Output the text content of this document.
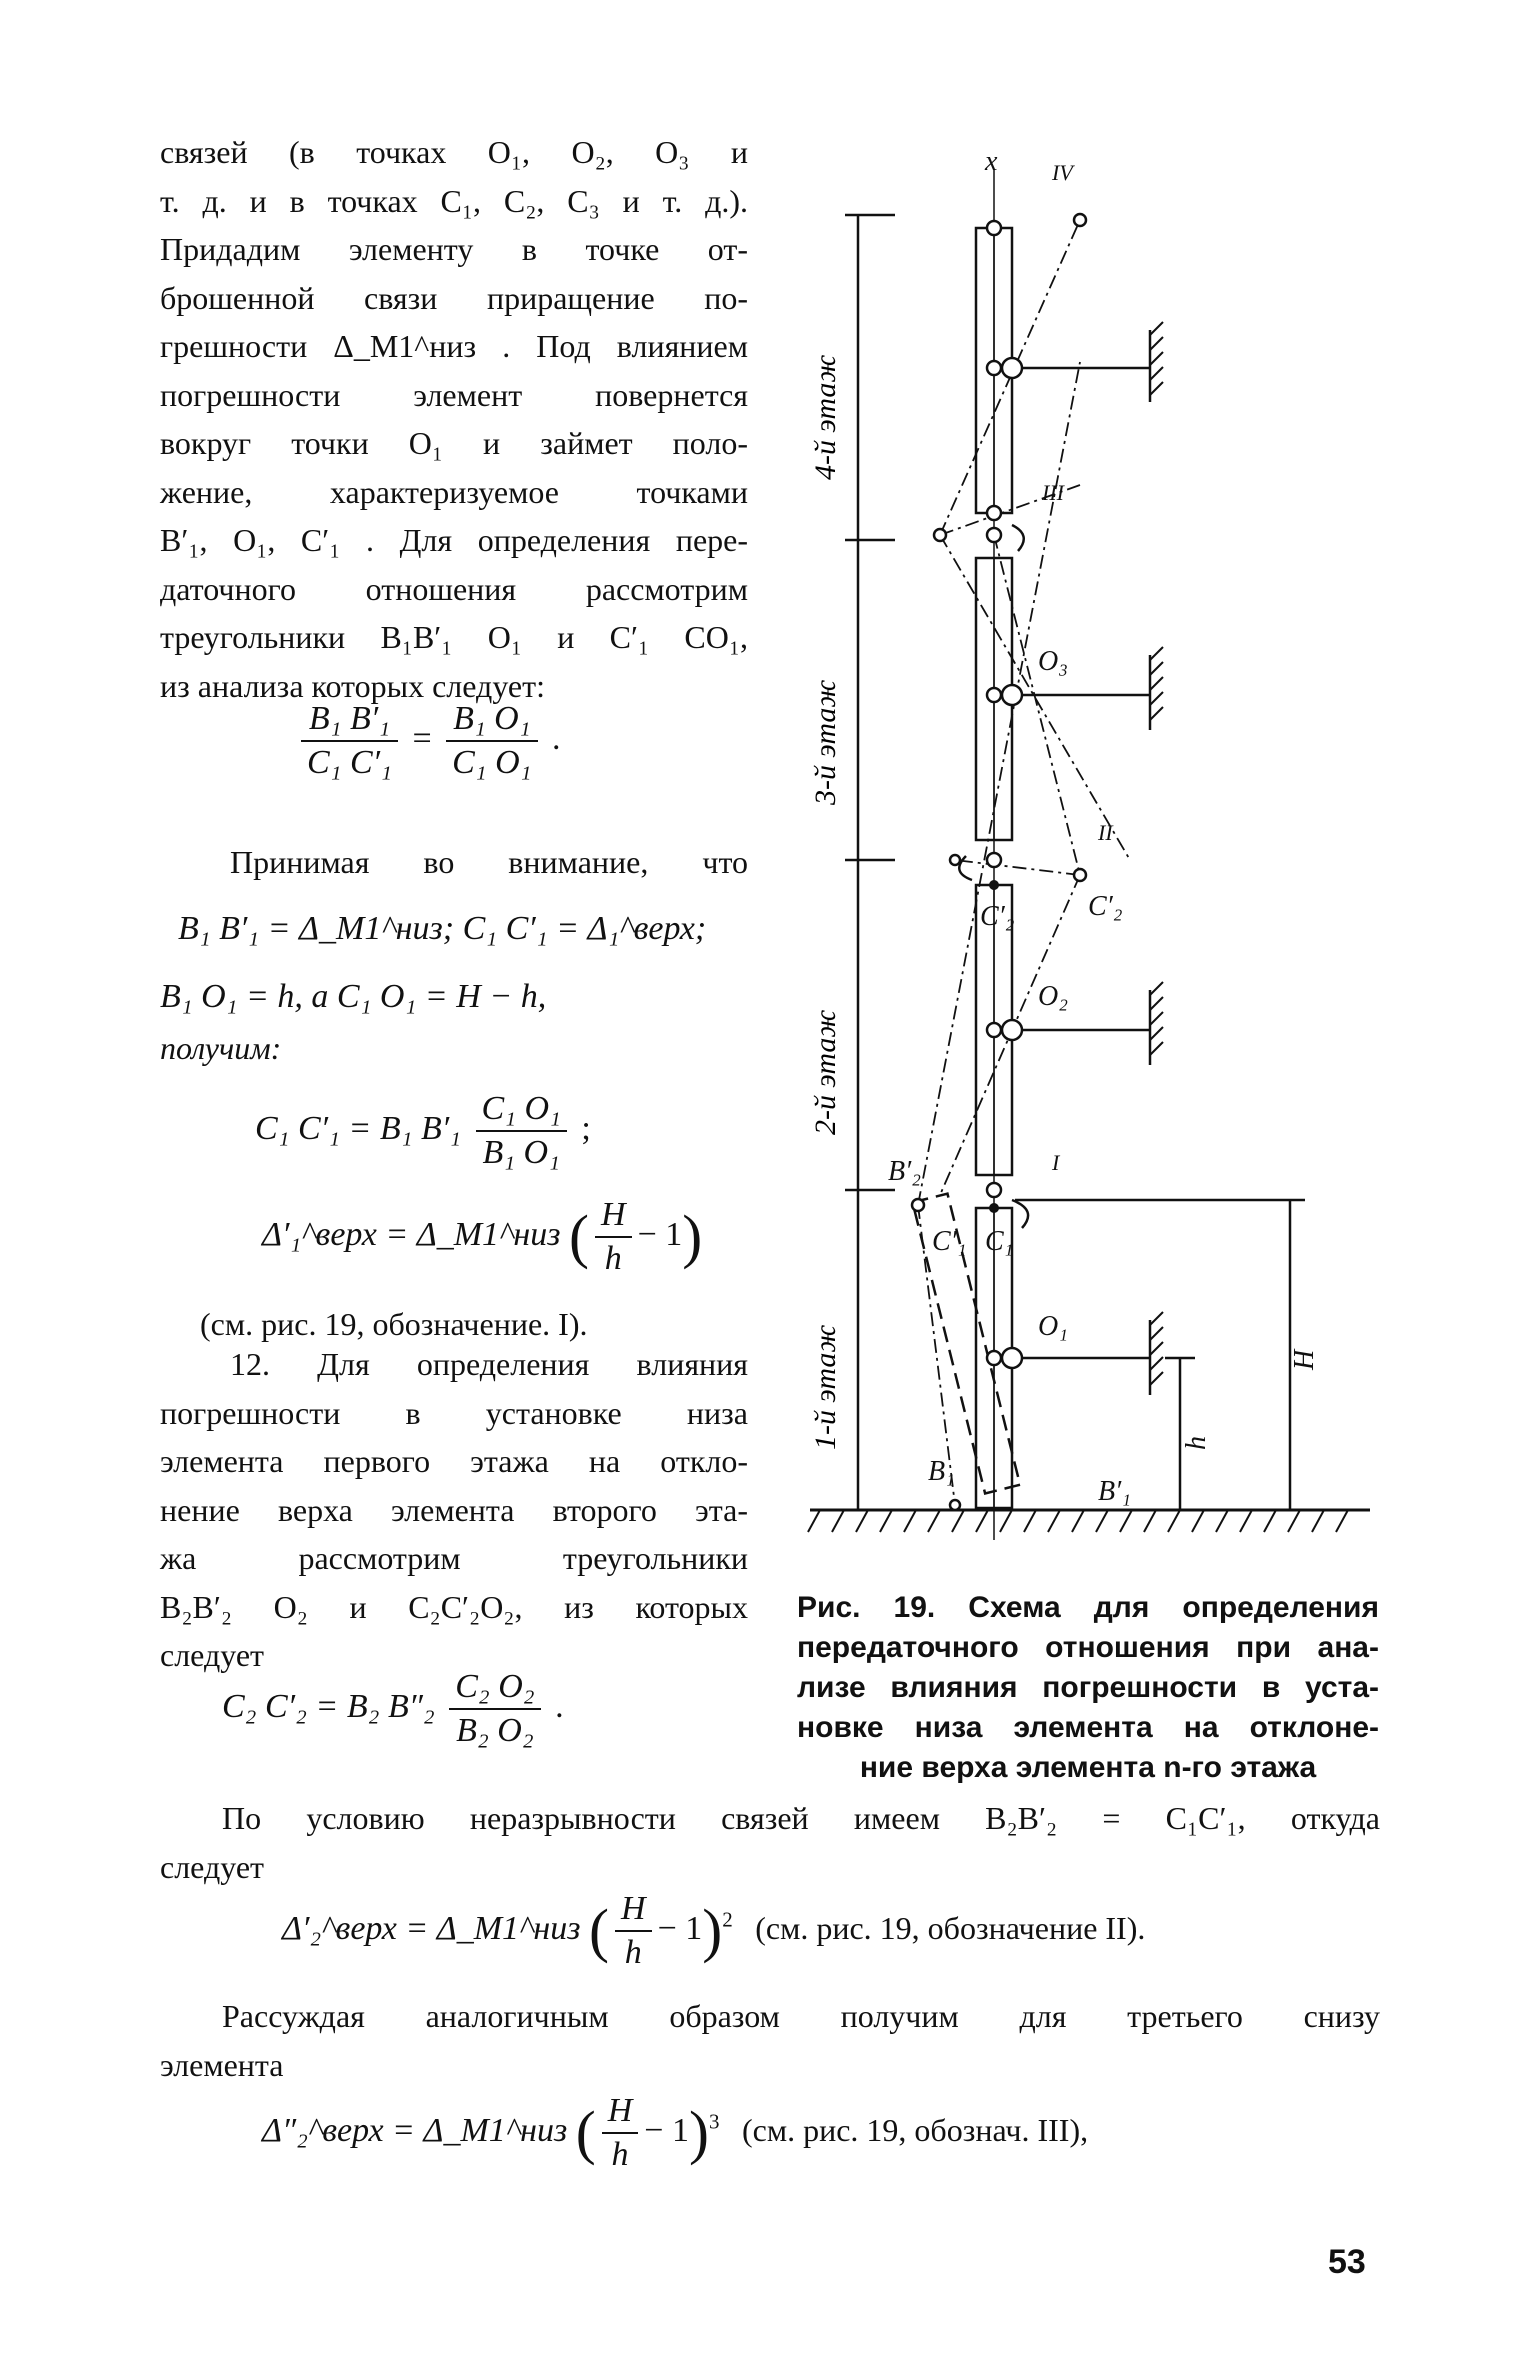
связей (в точках O₁, O₂, O₃ и
т. д. и в точках C₁, C₂, C₃ и т. д.).
Придадим элементу в точке от-
брошенной связи приращение по-
грешности Δ_M1^низ . Под влиянием
погрешности элемент повернется
вокруг точки O₁ и займет поло-
жение, характеризуемое точками
B′₁, O₁, C′₁ . Для определения пере-
даточного отношения рассмотрим
треугольники B₁B′₁ O₁ и C′₁ CO₁,
из анализа которых следует:
$\frac{\text{B₁ B′₁}}{\text{C₁ C′₁}} = \frac{\text{B₁ O₁}}{\text{C₁ O₁}}$ .
Принимая во внимание, что
B₁ B′₁ = Δ_M1^низ; C₁ C′₁ = Δ₁^верх;
B₁ O₁ = h, а C₁ O₁ = H − h,
получим:
C₁ C′₁ = B₁ $B'_1 \frac{\text{C₁ O₁}}{\text{B₁ O₁}}$ ;
Δ′₁^верх = Δ_M1^низ ( $\frac{H}{h} - 1$)
(см. рис. 19, обозначение. I).
12. Для определения влияния
погрешности в установке низа
элемента первого этажа на откло-
нение верха элемента второго эта-
жа рассмотрим треугольники
B₂B′₂ O₂ и C₂C′₂O₂, из которых
следует
C₂ C′₂ = B₂ $B''_2 \frac{\text{C₂ O₂}}{\text{B₂ O₂}}$ .
4-й этаж
3-й этаж
2-й этаж
1-й этаж
x IV
III
O₃
II
C′₂	C′₂
O₂
B′₂	I
C′₁ C₁
O₁
B₁
B′₁
H
h
Рис. 19. Схема для определения
передаточного отношения при ана-
лизе влияния погрешности в уста-
новке низа элемента на отклоне-
ние верха элемента n-го этажа
По условию неразрывности связей имеем B₂B′₂ = C₁C′₁, откуда
следует
Δ′₂^верх = Δ_M1^низ ( $\frac{H}{h} - 1)^2$ (см. рис. 19, обозначение II).
Рассуждая аналогичным образом получим для третьего снизу
элемента
Δ″₂^верх = Δ_M1^низ ( $\frac{H}{h} - 1)^3$ (см. рис. 19, обознач. III),
53
